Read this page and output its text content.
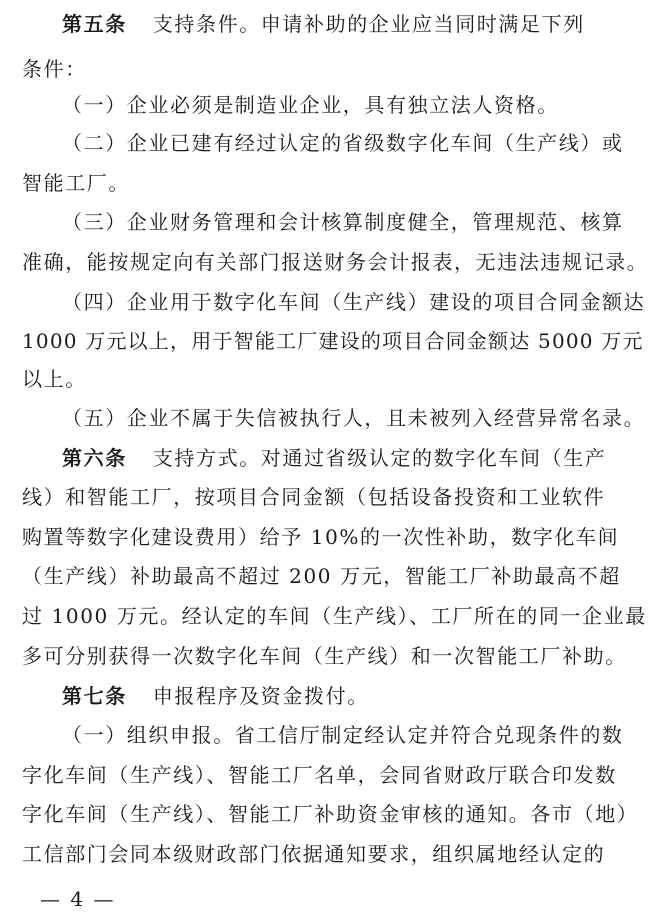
第五条 支持条件。申请补助的企业应当同时满足下列
条件：
（一）企业必须是制造业企业，具有独立法人资格。
（二）企业已建有经过认定的省级数字化车间（生产线）或
智能工厂。
（三）企业财务管理和会计核算制度健全，管理规范、核算
准确，能按规定向有关部门报送财务会计报表，无违法违规记录。
（四）企业用于数字化车间（生产线）建设的项目合同金额达
1000 万元以上，用于智能工厂建设的项目合同金额达 5000 万元
以上。
（五）企业不属于失信被执行人，且未被列入经营异常名录。
第六条 支持方式。对通过省级认定的数字化车间（生产
线）和智能工厂，按项目合同金额（包括设备投资和工业软件
购置等数字化建设费用）给予 10%的一次性补助，数字化车间
（生产线）补助最高不超过 200 万元，智能工厂补助最高不超
过 1000 万元。经认定的车间（生产线）、工厂所在的同一企业最
多可分别获得一次数字化车间（生产线）和一次智能工厂补助。
第七条 申报程序及资金拨付。
（一）组织申报。省工信厅制定经认定并符合兑现条件的数
字化车间（生产线）、智能工厂名单，会同省财政厅联合印发数
字化车间（生产线）、智能工厂补助资金审核的通知。各市（地）
工信部门会同本级财政部门依据通知要求，组织属地经认定的
— 4 —
